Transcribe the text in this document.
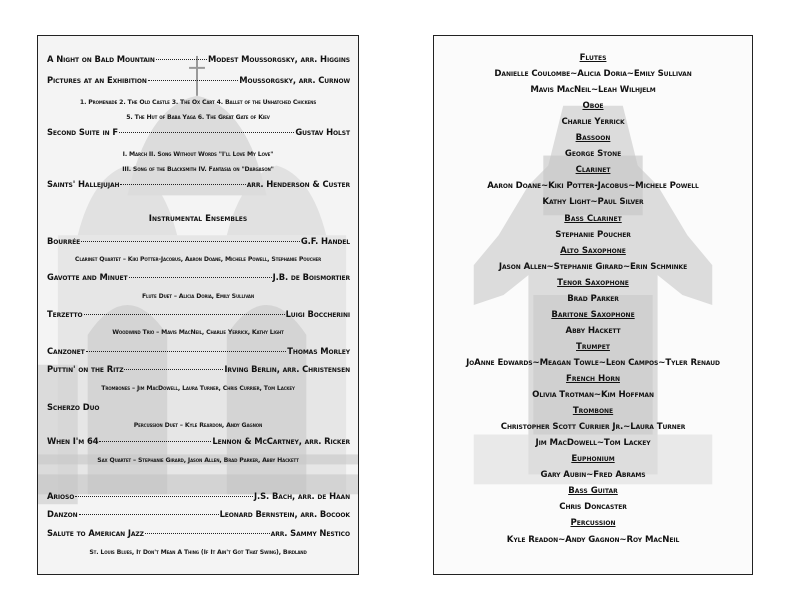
A Night on Bald Mountain	Modest Moussorgsky, arr. Higgins
Pictures at an Exhibition	Moussorgsky, arr. Curnow
1. Promenade 2. The Old Castle 3. The Ox Cart 4. Ballet of the Unhatched Chickens
5. The Hut of Baba Yaga 6. The Great Gate of Kiev
Second Suite in F	Gustav Holst
I. March II. Song Without Words "I'll Love My Love"
III. Song of the Blacksmith IV. Fantasia on "Dargason"
Saints' Hallejujah	arr. Henderson & Custer
Instrumental Ensembles
Bourrée	G.F. Handel
Clarinet Quartet – Kiki Potter-Jacobus, Aaron Doane, Michele Powell, Stephanie Poucher
Gavotte and Minuet	J.B. de Boismortier
Flute Duet – Alicia Doria, Emily Sullivan
Terzetto	Luigi Boccherini
Woodwind Trio – Mavis MacNeil, Charlie Yerrick, Kathy Light
Canzonet	Thomas Morley
Puttin' on the Ritz	Irving Berlin, arr. Christensen
Trombones – Jim MacDowell, Laura Turner, Chris Currier, Tom Lackey
Scherzo Duo
Percussion Duet – Kyle Reardon, Andy Gagnon
When I'm 64	Lennon & McCartney, arr. Ricker
Sax Quartet – Stephanie Girard, Jason Allen, Brad Parker, Abby Hackett
Arioso	J.S. Bach, arr. de Haan
Danzon	Leonard Bernstein, arr. Bocook
Salute to American Jazz	arr. Sammy Nestico
St. Louis Blues, It Don't Mean A Thing (If It Ain't Got That Swing), Birdland
Flutes
Danielle Coulombe~Alicia Doria~Emily Sullivan
Mavis MacNeil~Leah Wilhjelm
Oboe
Charlie Yerrick
Bassoon
George Stone
Clarinet
Aaron Doane~Kiki Potter-Jacobus~Michele Powell
Kathy Light~Paul Silver
Bass Clarinet
Stephanie Poucher
Alto Saxophone
Jason Allen~Stephanie Girard~Erin Schminke
Tenor Saxophone
Brad Parker
Baritone Saxophone
Abby Hackett
Trumpet
JoAnne Edwards~Meagan Towle~Leon Campos~Tyler Renaud
French Horn
Olivia Trotman~Kim Hoffman
Trombone
Christopher Scott Currier Jr.~Laura Turner
Jim MacDowell~Tom Lackey
Euphonium
Gary Aubin~Fred Abrams
Bass Guitar
Chris Doncaster
Percussion
Kyle Readon~Andy Gagnon~Roy MacNeil
